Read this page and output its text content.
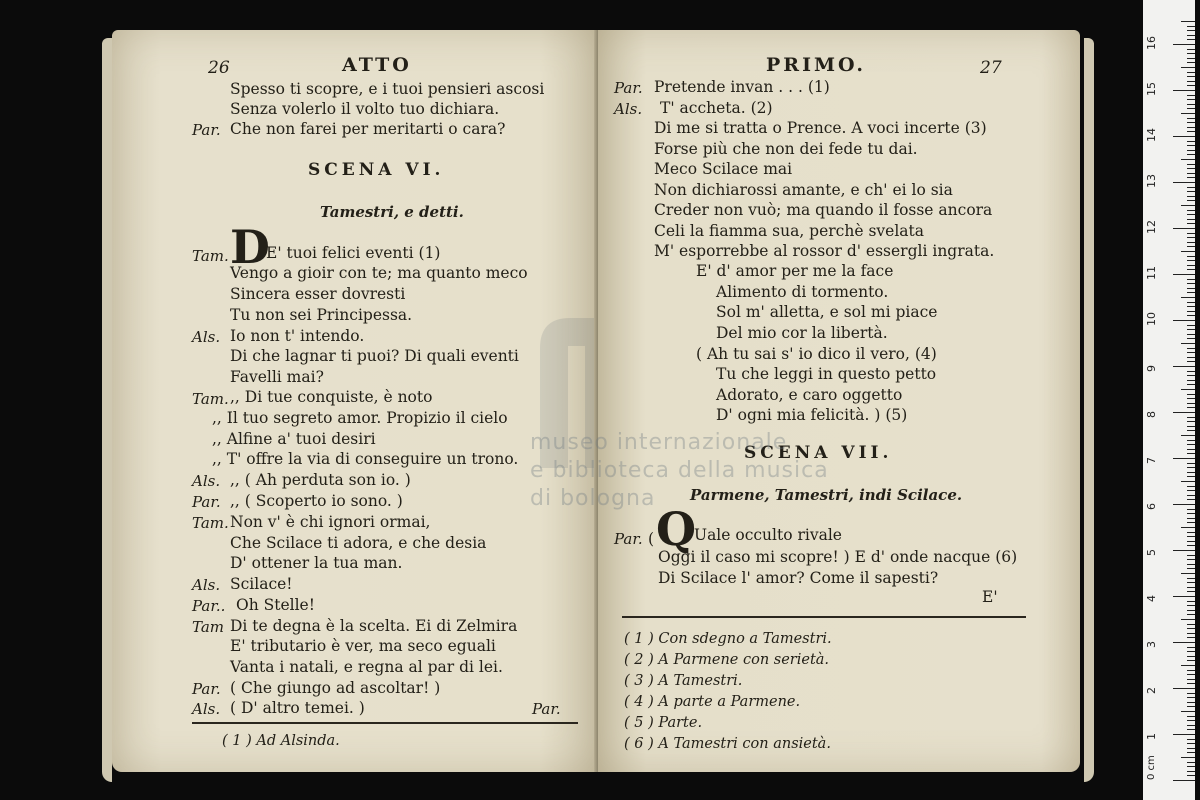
26	ATTO
Spesso ti scopre, e i tuoi pensieri ascosi
Senza volerlo il volto tuo dichiara.
Par. Che non farei per meritarti o cara?
SCENA VI.
Tamestri, e detti.
Tam. D
E' tuoi felici eventi (1)
Vengo a gioir con te; ma quanto meco
Sincera esser dovresti
Tu non sei Principessa.
Als. Io non t' intendo.
Di che lagnar ti puoi? Di quali eventi
Favelli mai?
Tam. ,, Di tue conquiste, è noto
,, Il tuo segreto amor. Propizio il cielo
,, Alfine a' tuoi desiri
,, T' offre la via di conseguire un trono.
Als. ,, ( Ah perduta son io. )
Par. ,, ( Scoperto io sono. )
Tam. Non v' è chi ignori ormai,
Che Scilace ti adora, e che desia
D' ottener la tua man.
Als. Scilace!
Par.. Oh Stelle!
Tam Di te degna è la scelta. Ei di Zelmira
E' tributario è ver, ma seco eguali
Vanta i natali, e regna al par di lei.
Par. ( Che giungo ad ascoltar! )
Als. ( D' altro temei. )	Par.
( 1 ) Ad Alsinda.
PRIMO.	27
Par. Pretende invan . . . (1)
Als. T' accheta. (2)
Di me si tratta o Prence. A voci incerte (3)
Forse più che non dei fede tu dai.
Meco Scilace mai
Non dichiarossi amante, e ch' ei lo sia
Creder non vuò; ma quando il fosse ancora
Celi la fiamma sua, perchè svelata
M' esporrebbe al rossor d' essergli ingrata.
E' d' amor per me la face
Alimento di tormento.
Sol m' alletta, e sol mi piace
Del mio cor la libertà.
( Ah tu sai s' io dico il vero, (4)
Tu che leggi in questo petto
Adorato, e caro oggetto
D' ogni mia felicità. ) (5)
SCENA VII.
Parmene, Tamestri, indi Scilace.
Par. ( Q
Uale occulto rivale
Oggi il caso mi scopre! ) E d' onde nacque (6)
Di Scilace l' amor? Come il sapesti?
E'
( 1 ) Con sdegno a Tamestri.
( 2 ) A Parmene con serietà.
( 3 ) A Tamestri.
( 4 ) A parte a Parmene.
( 5 ) Parte.
( 6 ) A Tamestri con ansietà.
museo internazionale
e biblioteca della musica
di bologna
0 cm
1
2
3
4
5
6
7
8
9
10
11
12
13
14
15
16
